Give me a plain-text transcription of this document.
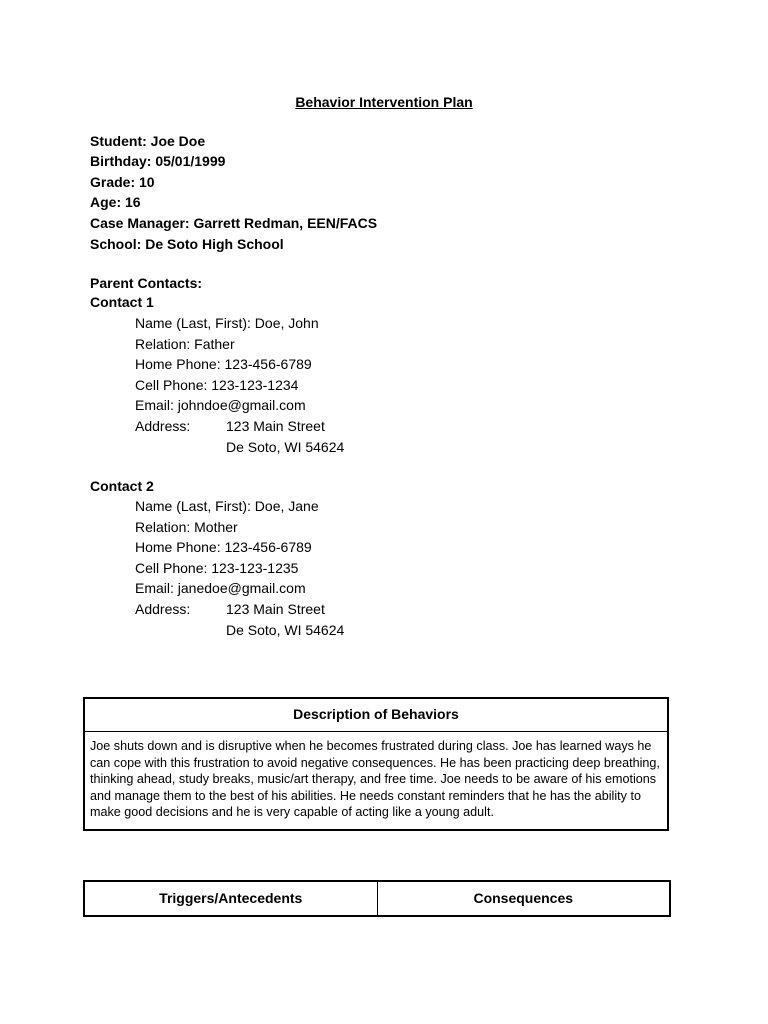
Behavior Intervention Plan
Student: Joe Doe
Birthday: 05/01/1999
Grade: 10
Age: 16
Case Manager: Garrett Redman, EEN/FACS
School: De Soto High School
Parent Contacts:
Contact 1
Name (Last, First): Doe, John
Relation: Father
Home Phone: 123-456-6789
Cell Phone: 123-123-1234
Email: johndoe@gmail.com
Address:	123 Main Street
De Soto, WI 54624
Contact 2
Name (Last, First): Doe, Jane
Relation: Mother
Home Phone: 123-456-6789
Cell Phone: 123-123-1235
Email: janedoe@gmail.com
Address:	123 Main Street
De Soto, WI 54624
Description of Behaviors
Joe shuts down and is disruptive when he becomes frustrated during class. Joe has learned ways he can cope with this frustration to avoid negative consequences. He has been practicing deep breathing, thinking ahead, study breaks, music/art therapy, and free time. Joe needs to be aware of his emotions and manage them to the best of his abilities. He needs constant reminders that he has the ability to make good decisions and he is very capable of acting like a young adult.
Triggers/Antecedents	Consequences
